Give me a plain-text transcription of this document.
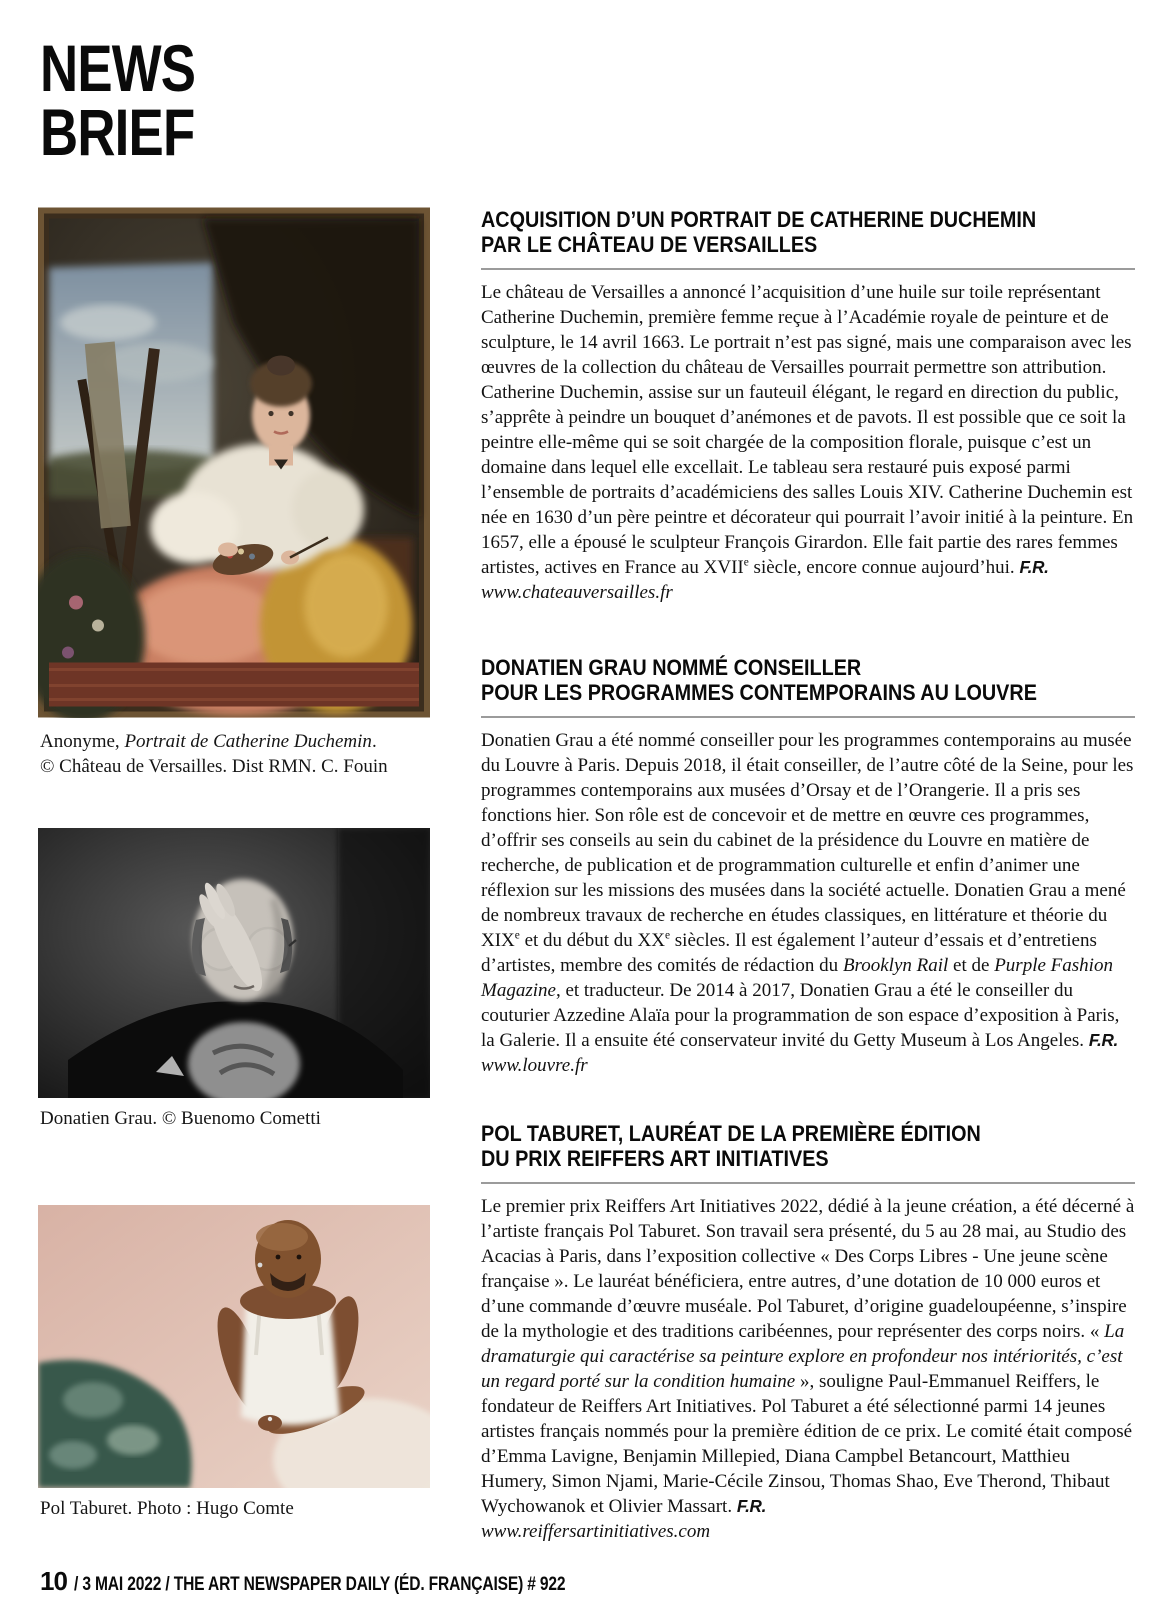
NEWS
BRIEF
Anonyme, Portrait de Catherine Duchemin.
© Château de Versailles. Dist RMN. C. Fouin
Donatien Grau. © Buenomo Cometti
Pol Taburet. Photo : Hugo Comte
ACQUISITION D’UN PORTRAIT DE CATHERINE DUCHEMIN
PAR LE CHÂTEAU DE VERSAILLES

Le château de Versailles a annoncé l’acquisition d’une huile sur toile représentant Catherine Duchemin, première femme reçue à l’Académie royale de peinture et de sculpture, le 14 avril 1663. Le portrait n’est pas signé, mais une comparaison avec les œuvres de la collection du château de Versailles pourrait permettre son attribution. Catherine Duchemin, assise sur un fauteuil élégant, le regard en direction du public, s’apprête à peindre un bouquet d’anémones et de pavots. Il est possible que ce soit la peintre elle-même qui se soit chargée de la composition florale, puisque c’est un domaine dans lequel elle excellait. Le tableau sera restauré puis exposé parmi l’ensemble de portraits d’académiciens des salles Louis XIV. Catherine Duchemin est née en 1630 d’un père peintre et décorateur qui pourrait l’avoir initié à la peinture. En 1657, elle a épousé le sculpteur François Girardon. Elle fait partie des rares femmes artistes, actives en France au XVIIe siècle, encore connue aujourd’hui. F.R.

www.chateauversailles.fr

DONATIEN GRAU NOMMÉ CONSEILLER
POUR LES PROGRAMMES CONTEMPORAINS AU LOUVRE

Donatien Grau a été nommé conseiller pour les programmes contemporains au musée du Louvre à Paris. Depuis 2018, il était conseiller, de l’autre côté de la Seine, pour les programmes contemporains aux musées d’Orsay et de l’Orangerie. Il a pris ses fonctions hier. Son rôle est de concevoir et de mettre en œuvre ces programmes, d’offrir ses conseils au sein du cabinet de la présidence du Louvre en matière de recherche, de publication et de programmation culturelle et enfin d’animer une réflexion sur les missions des musées dans la société actuelle. Donatien Grau a mené de nombreux travaux de recherche en études classiques, en littérature et théorie du XIXe et du début du XXe siècles. Il est également l’auteur d’essais et d’entretiens d’artistes, membre des comités de rédaction du Brooklyn Rail et de Purple Fashion Magazine, et traducteur. De 2014 à 2017, Donatien Grau a été le conseiller du couturier Azzedine Alaïa pour la programmation de son espace d’exposition à Paris, la Galerie. Il a ensuite été conservateur invité du Getty Museum à Los Angeles. F.R.

www.louvre.fr

POL TABURET, LAURÉAT DE LA PREMIÈRE ÉDITION
DU PRIX REIFFERS ART INITIATIVES

Le premier prix Reiffers Art Initiatives 2022, dédié à la jeune création, a été décerné à l’artiste français Pol Taburet. Son travail sera présenté, du 5 au 28 mai, au Studio des Acacias à Paris, dans l’exposition collective « Des Corps Libres - Une jeune scène française ». Le lauréat bénéficiera, entre autres, d’une dotation de 10 000 euros et d’une commande d’œuvre muséale. Pol Taburet, d’origine guadeloupéenne, s’inspire de la mythologie et des traditions caribéennes, pour représenter des corps noirs. « La dramaturgie qui caractérise sa peinture explore en profondeur nos intériorités, c’est un regard porté sur la condition humaine », souligne Paul-Emmanuel Reiffers, le fondateur de Reiffers Art Initiatives. Pol Taburet a été sélectionné parmi 14 jeunes artistes français nommés pour la première édition de ce prix. Le comité était composé d’Emma Lavigne, Benjamin Millepied, Diana Campbel Betancourt, Matthieu Humery, Simon Njami, Marie-Cécile Zinsou, Thomas Shao, Eve Therond, Thibaut Wychowanok et Olivier Massart. F.R.

www.reiffersartinitiatives.com

10 / 3 MAI 2022 / THE ART NEWSPAPER DAILY (ÉD. FRANÇAISE) # 922
